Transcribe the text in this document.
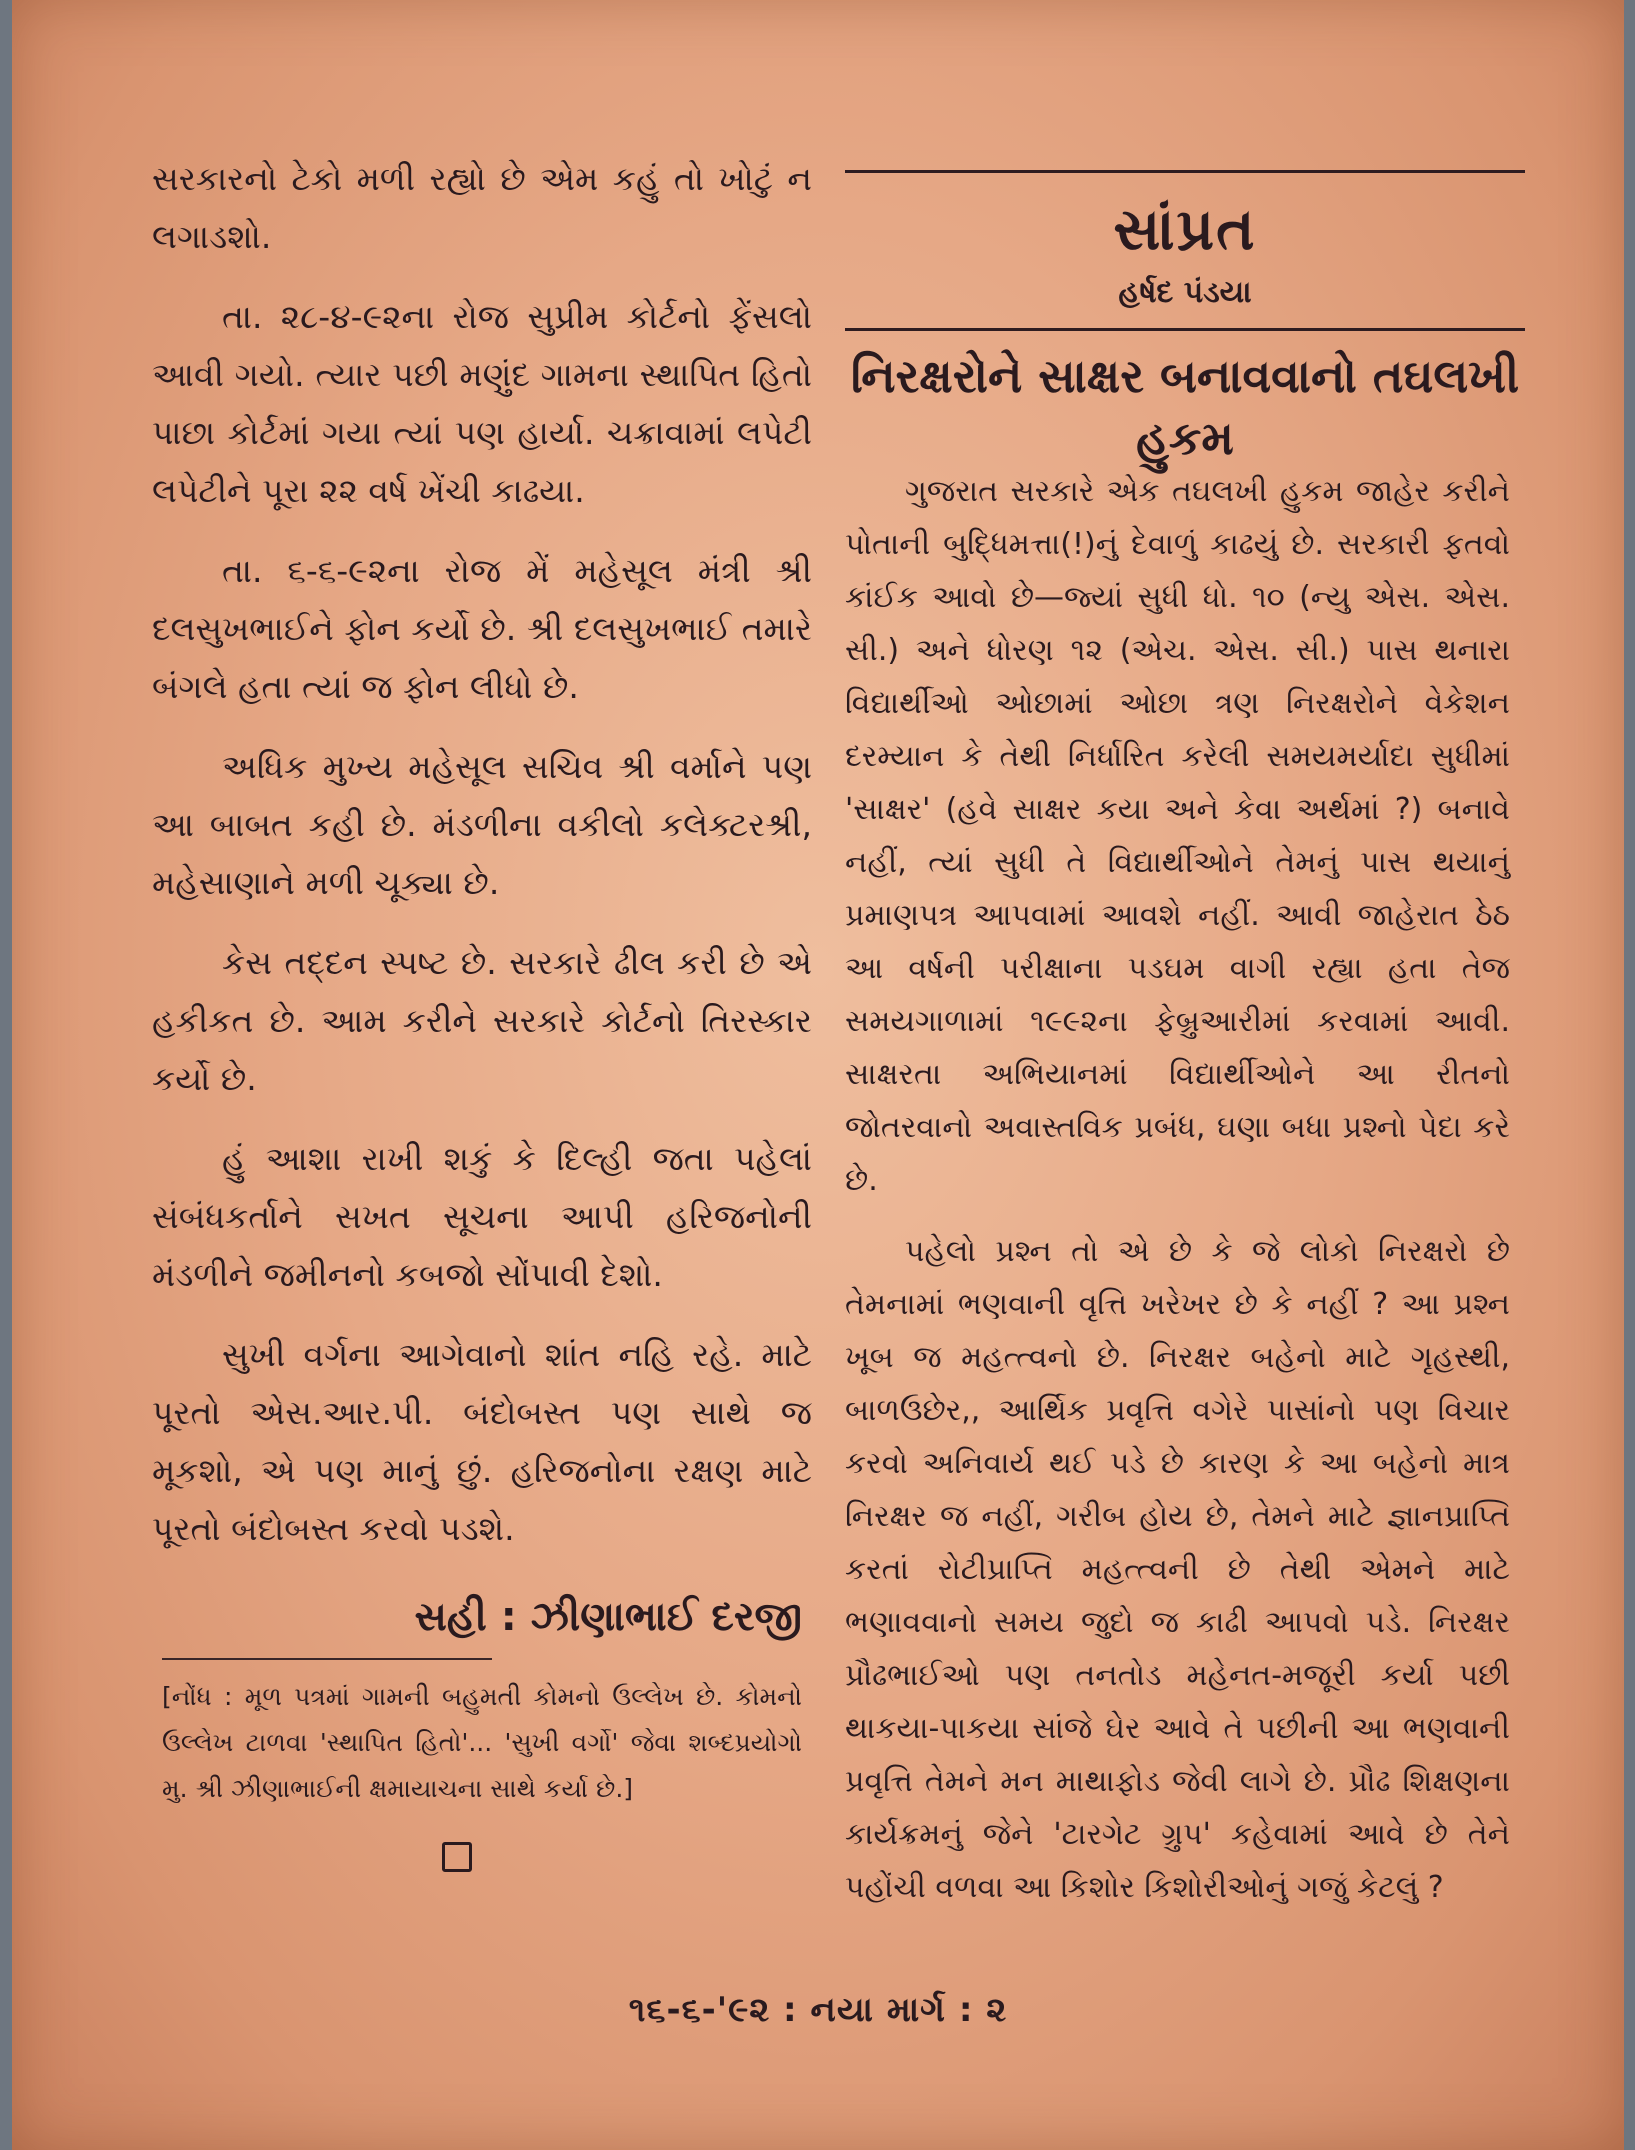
સરકારનો ટેકો મળી રહ્યો છે એમ કહું તો ખોટું ન લગાડશો.

તા. ૨૮-૪-૯૨ના રોજ સુપ્રીમ કોર્ટનો ફેંસલો આવી ગયો. ત્યાર પછી મણુંદ ગામના સ્થાપિત હિતો પાછા કોર્ટમાં ગયા ત્યાં પણ હાર્યા. ચક્રાવામાં લપેટી લપેટીને પૂરા ૨૨ વર્ષ ખેંચી કાઢયા.

તા. ૬-૬-૯૨ના રોજ મેં મહેસૂલ મંત્રી શ્રી દલસુખભાઈને ફોન કર્યો છે. શ્રી દલસુખભાઈ તમારે બંગલે હતા ત્યાં જ ફોન લીધો છે.

અધિક મુખ્ય મહેસૂલ સચિવ શ્રી વર્માને પણ આ બાબત કહી છે. મંડળીના વકીલો કલેક્ટરશ્રી, મહેસાણાને મળી ચૂક્યા છે.

કેસ તદ્દન સ્પષ્ટ છે. સરકારે ઢીલ કરી છે એ હકીકત છે. આમ કરીને સરકારે કોર્ટનો તિરસ્કાર કર્યો છે.

હું આશા રાખી શકું કે દિલ્હી જતા પહેલાં સંબંધકર્તાને સખત સૂચના આપી હરિજનોની મંડળીને જમીનનો કબજો સોંપાવી દેશો.

સુખી વર્ગના આગેવાનો શાંત નહિ રહે. માટે પૂરતો એસ.આર.પી. બંદોબસ્ત પણ સાથે જ મૂકશો, એ પણ માનું છું. હરિજનોના રક્ષણ માટે પૂરતો બંદોબસ્ત કરવો પડશે.

સહી : ઝીણાભાઈ દરજી
[નોંધ : મૂળ પત્રમાં ગામની બહુમતી કોમનો ઉલ્લેખ છે. કોમનો ઉલ્લેખ ટાળવા 'સ્થાપિત હિતો'... 'સુખી વર્ગો' જેવા શબ્દપ્રયોગો મુ. શ્રી ઝીણાભાઈની ક્ષમાયાચના સાથે કર્યા છે.]
સાંપ્રત
હર્ષદ પંડયા
નિરક્ષરોને સાક્ષર બનાવવાનો તઘલખી હુકમ

ગુજરાત સરકારે એક તઘલખી હુકમ જાહેર કરીને પોતાની બુદ્ધિમત્તા(!)નું દેવાળું કાઢયું છે. સરકારી ફતવો કાંઈક આવો છે—જ્યાં સુધી ધો. ૧૦ (ન્યુ એસ. એસ. સી.) અને ધોરણ ૧૨ (એચ. એસ. સી.) પાસ થનારા વિદ્યાર્થીઓ ઓછામાં ઓછા ત્રણ નિરક્ષરોને વેકેશન દરમ્યાન કે તેથી નિર્ધારિત કરેલી સમયમર્યાદા સુધીમાં 'સાક્ષર' (હવે સાક્ષર કયા અને કેવા અર્થમાં ?) બનાવે નહીં, ત્યાં સુધી તે વિદ્યાર્થીઓને તેમનું પાસ થયાનું પ્રમાણપત્ર આપવામાં આવશે નહીં. આવી જાહેરાત ઠેઠ આ વર્ષની પરીક્ષાના પડઘમ વાગી રહ્યા હતા તેજ સમયગાળામાં ૧૯૯૨ના ફેબ્રુઆરીમાં કરવામાં આવી. સાક્ષરતા અભિયાનમાં વિદ્યાર્થીઓને આ રીતનો જોતરવાનો અવાસ્તવિક પ્રબંધ, ઘણા બધા પ્રશ્નો પેદા કરે છે.

પહેલો પ્રશ્ન તો એ છે કે જે લોકો નિરક્ષરો છે તેમનામાં ભણવાની વૃત્તિ ખરેખર છે કે નહીં ? આ પ્રશ્ન ખૂબ જ મહત્ત્વનો છે. નિરક્ષર બહેનો માટે ગૃહસ્થી, બાળઉછેર,, આર્થિક પ્રવૃત્તિ વગેરે પાસાંનો પણ વિચાર કરવો અનિવાર્ય થઈ પડે છે કારણ કે આ બહેનો માત્ર નિરક્ષર જ નહીં, ગરીબ હોય છે, તેમને માટે જ્ઞાનપ્રાપ્તિ કરતાં રોટીપ્રાપ્તિ મહત્ત્વની છે તેથી એમને માટે ભણાવવાનો સમય જુદો જ કાઢી આપવો પડે. નિરક્ષર પ્રૌઢભાઈઓ પણ તનતોડ મહેનત-મજૂરી કર્યા પછી થાકયા-પાકયા સાંજે ઘેર આવે તે પછીની આ ભણવાની પ્રવૃત્તિ તેમને મન માથાફોડ જેવી લાગે છે. પ્રૌઢ શિક્ષણના કાર્યક્રમનું જેને 'ટારગેટ ગ્રુપ' કહેવામાં આવે છે તેને પહોંચી વળવા આ કિશોર કિશોરીઓનું ગજું કેટલું ?

૧૬-૬-'૯૨ : નયા માર્ગ : ૨
